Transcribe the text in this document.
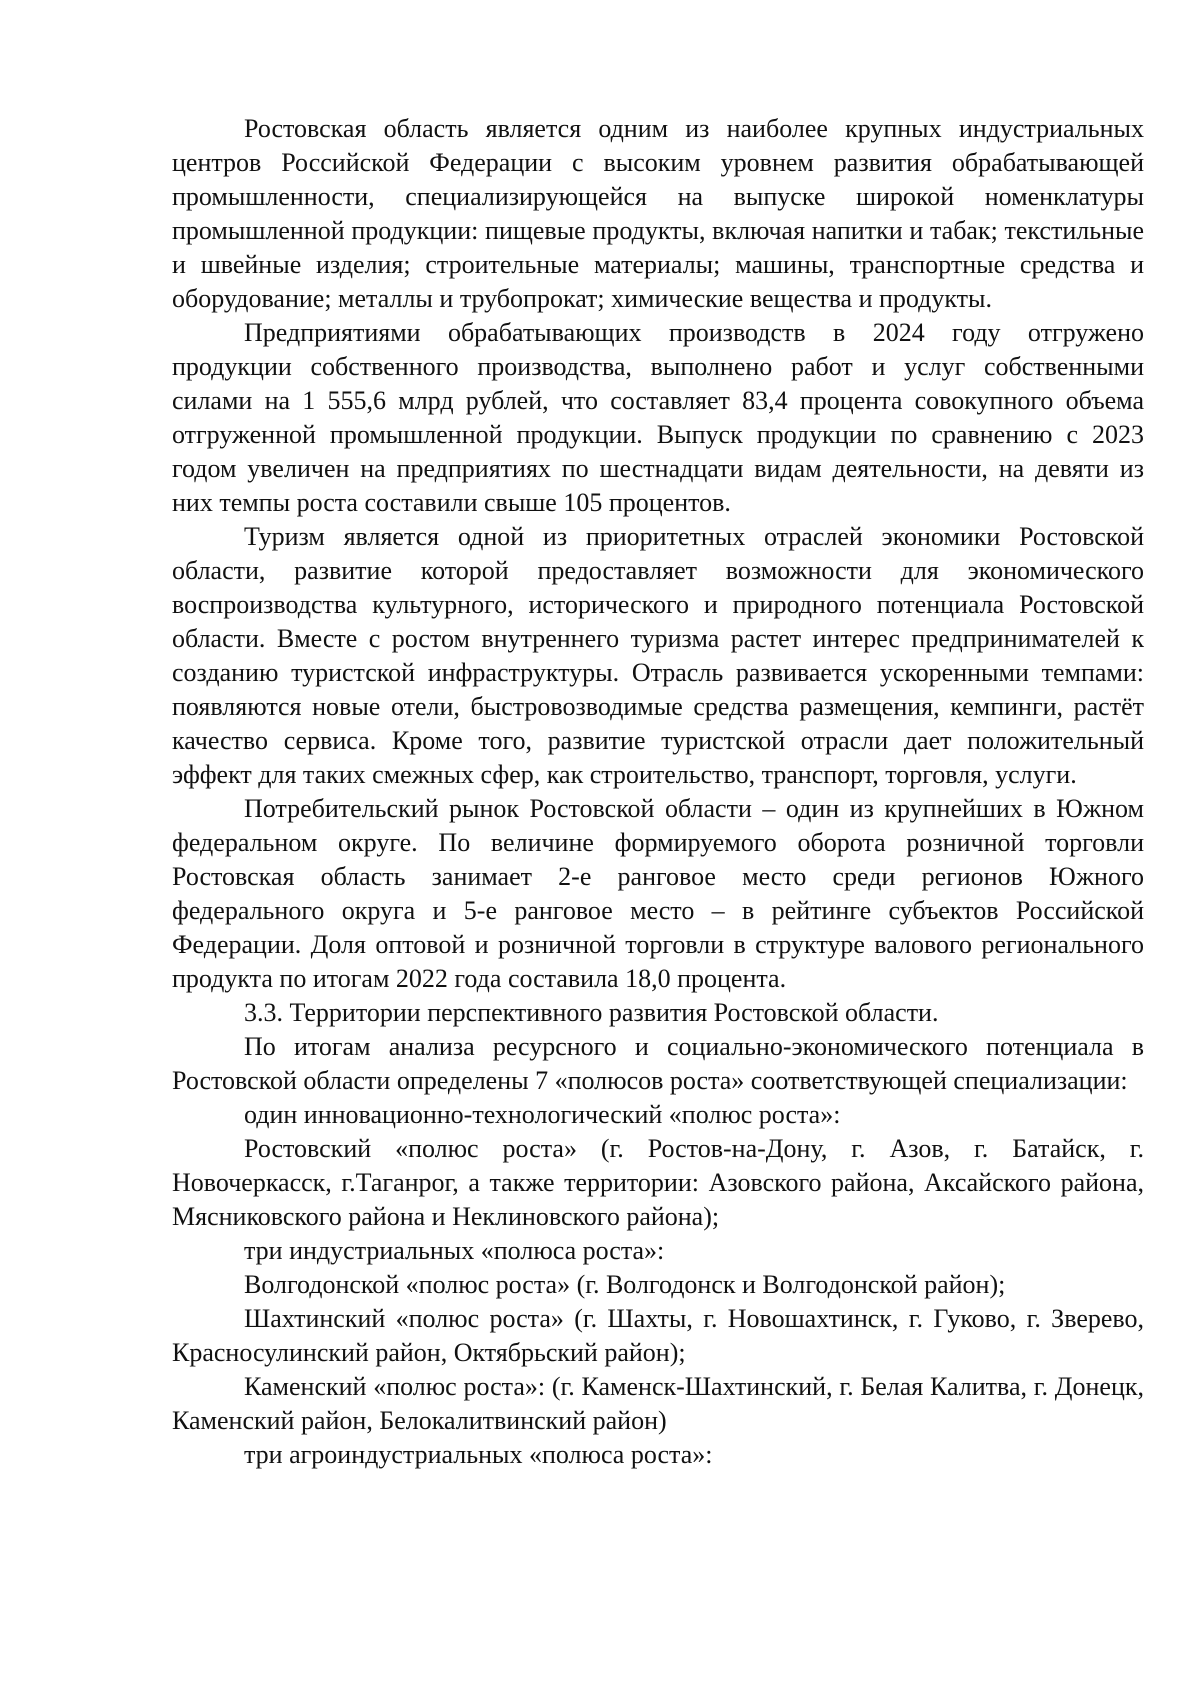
Ростовская область является одним из наиболее крупных индустриальных центров Российской Федерации с высоким уровнем развития обрабатывающей промышленности, специализирующейся на выпуске широкой номенклатуры промышленной продукции: пищевые продукты, включая напитки и табак; текстильные и швейные изделия; строительные материалы; машины, транспортные средства и оборудование; металлы и трубопрокат; химические вещества и продукты.

Предприятиями обрабатывающих производств в 2024 году отгружено продукции собственного производства, выполнено работ и услуг собственными силами на 1 555,6 млрд рублей, что составляет 83,4 процента совокупного объема отгруженной промышленной продукции. Выпуск продукции по сравнению с 2023 годом увеличен на предприятиях по шестнадцати видам деятельности, на девяти из них темпы роста составили свыше 105 процентов.

Туризм является одной из приоритетных отраслей экономики Ростовской области, развитие которой предоставляет возможности для экономического воспроизводства культурного, исторического и природного потенциала Ростовской области. Вместе с ростом внутреннего туризма растет интерес предпринимателей к созданию туристской инфраструктуры. Отрасль развивается ускоренными темпами: появляются новые отели, быстровозводимые средства размещения, кемпинги, растёт качество сервиса. Кроме того, развитие туристской отрасли дает положительный эффект для таких смежных сфер, как строительство, транспорт, торговля, услуги.

Потребительский рынок Ростовской области – один из крупнейших в Южном федеральном округе. По величине формируемого оборота розничной торговли Ростовская область занимает 2-е ранговое место среди регионов Южного федерального округа и 5-е ранговое место – в рейтинге субъектов Российской Федерации. Доля оптовой и розничной торговли в структуре валового регионального продукта по итогам 2022 года составила 18,0 процента.

3.3. Территории перспективного развития Ростовской области.

По итогам анализа ресурсного и социально-экономического потенциала в Ростовской области определены 7 «полюсов роста» соответствующей специализации:

один инновационно-технологический «полюс роста»:

Ростовский «полюс роста» (г. Ростов-на-Дону, г. Азов, г. Батайск, г. Новочеркасск, г.Таганрог, а также территории: Азовского района, Аксайского района, Мясниковского района и Неклиновского района);

три индустриальных «полюса роста»:

Волгодонской «полюс роста» (г. Волгодонск и Волгодонской район);

Шахтинский «полюс роста» (г. Шахты, г. Новошахтинск, г. Гуково, г. Зверево, Красносулинский район, Октябрьский район);

Каменский «полюс роста»: (г. Каменск-Шахтинский, г. Белая Калитва, г. Донецк, Каменский район, Белокалитвинский район)

три агроиндустриальных «полюса роста»:
